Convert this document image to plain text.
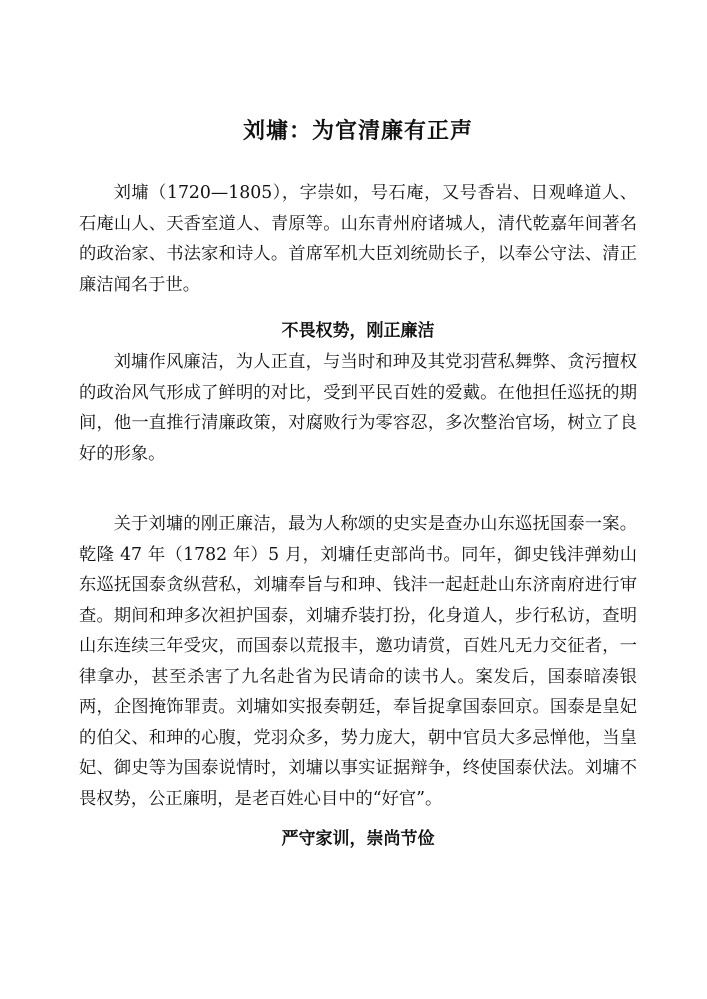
刘墉：为官清廉有正声

刘墉（1720—1805），字崇如，号石庵，又号香岩、日观峰道人、石庵山人、天香室道人、青原等。山东青州府诸城人，清代乾嘉年间著名的政治家、书法家和诗人。首席军机大臣刘统勋长子，以奉公守法、清正廉洁闻名于世。

不畏权势，刚正廉洁

刘墉作风廉洁，为人正直，与当时和珅及其党羽营私舞弊、贪污擅权的政治风气形成了鲜明的对比，受到平民百姓的爱戴。在他担任巡抚的期间，他一直推行清廉政策，对腐败行为零容忍，多次整治官场，树立了良好的形象。

关于刘墉的刚正廉洁，最为人称颂的史实是查办山东巡抚国泰一案。乾隆 47 年（1782 年）5 月，刘墉任吏部尚书。同年，御史钱沣弹劾山东巡抚国泰贪纵营私，刘墉奉旨与和珅、钱沣一起赶赴山东济南府进行审查。期间和珅多次袒护国泰，刘墉乔装打扮，化身道人，步行私访，查明山东连续三年受灾，而国泰以荒报丰，邀功请赏，百姓凡无力交征者，一律拿办，甚至杀害了九名赴省为民请命的读书人。案发后，国泰暗凑银两，企图掩饰罪责。刘墉如实报奏朝廷，奉旨捉拿国泰回京。国泰是皇妃的伯父、和珅的心腹，党羽众多，势力庞大，朝中官员大多忌惮他，当皇妃、御史等为国泰说情时，刘墉以事实证据辩争，终使国泰伏法。刘墉不畏权势，公正廉明，是老百姓心目中的“好官”。

严守家训，崇尚节俭
